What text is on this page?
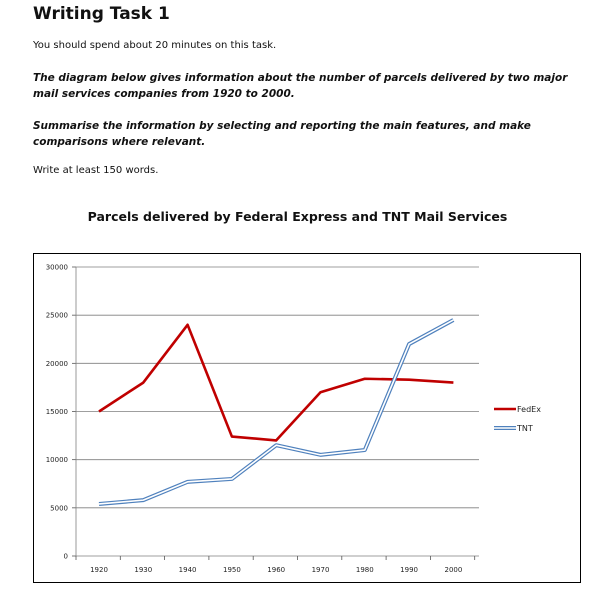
Writing Task 1

You should spend about 20 minutes on this task.

The diagram below gives information about the number of parcels delivered by two major mail services companies from 1920 to 2000.

Summarise the information by selecting and reporting the main features, and make comparisons where relevant.

Write at least 150 words.

Parcels delivered by Federal Express and TNT Mail Services
0
5000
10000
15000
20000
25000
30000
1920	1930	1940	1950	1960	1970	1980	1990	2000
FedEx
TNT
